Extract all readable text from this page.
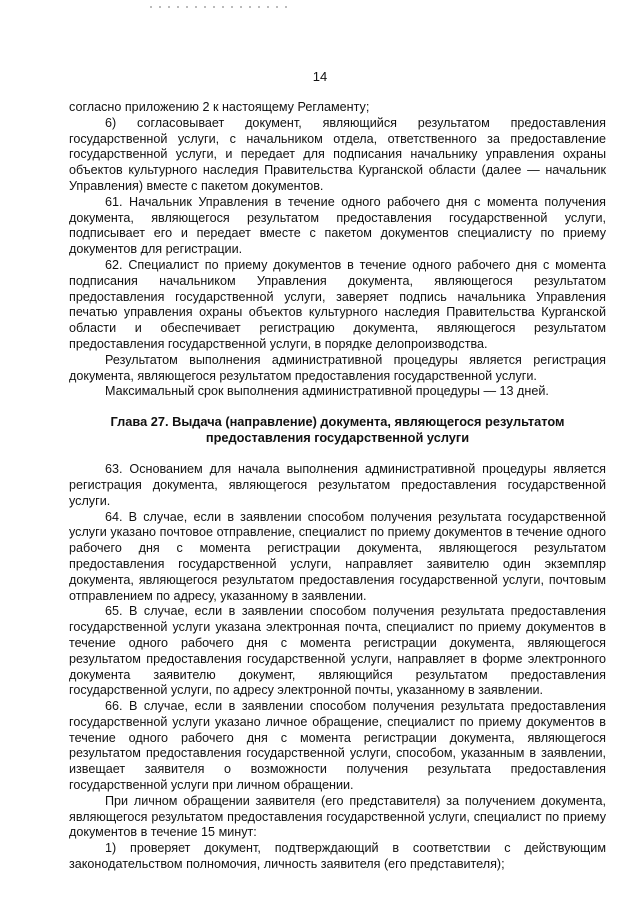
14

согласно приложению 2 к настоящему Регламенту;

6) согласовывает документ, являющийся результатом предоставления государственной услуги, с начальником отдела, ответственного за предоставление государственной услуги, и передает для подписания начальнику управления охраны объектов культурного наследия Правительства Курганской области (далее — начальник Управления) вместе с пакетом документов.

61. Начальник Управления в течение одного рабочего дня с момента получения документа, являющегося результатом предоставления государственной услуги, подписывает его и передает вместе с пакетом документов специалисту по приему документов для регистрации.

62. Специалист по приему документов в течение одного рабочего дня с момента подписания начальником Управления документа, являющегося результатом предоставления государственной услуги, заверяет подпись начальника Управления печатью управления охраны объектов культурного наследия Правительства Курганской области и обеспечивает регистрацию документа, являющегося результатом предоставления государственной услуги, в порядке делопроизводства.

Результатом выполнения административной процедуры является регистрация документа, являющегося результатом предоставления государственной услуги.

Максимальный срок выполнения административной процедуры — 13 дней.

Глава 27. Выдача (направление) документа, являющегося результатом предоставления государственной услуги

63. Основанием для начала выполнения административной процедуры является регистрация документа, являющегося результатом предоставления государственной услуги.

64. В случае, если в заявлении способом получения результата государственной услуги указано почтовое отправление, специалист по приему документов в течение одного рабочего дня с момента регистрации документа, являющегося результатом предоставления государственной услуги, направляет заявителю один экземпляр документа, являющегося результатом предоставления государственной услуги, почтовым отправлением по адресу, указанному в заявлении.

65. В случае, если в заявлении способом получения результата предоставления государственной услуги указана электронная почта, специалист по приему документов в течение одного рабочего дня с момента регистрации документа, являющегося результатом предоставления государственной услуги, направляет в форме электронного документа заявителю документ, являющийся результатом предоставления государственной услуги, по адресу электронной почты, указанному в заявлении.

66. В случае, если в заявлении способом получения результата предоставления государственной услуги указано личное обращение, специалист по приему документов в течение одного рабочего дня с момента регистрации документа, являющегося результатом предоставления государственной услуги, способом, указанным в заявлении, извещает заявителя о возможности получения результата предоставления государственной услуги при личном обращении.

При личном обращении заявителя (его представителя) за получением документа, являющегося результатом предоставления государственной услуги, специалист по приему документов в течение 15 минут:

1) проверяет документ, подтверждающий в соответствии с действующим законодательством полномочия, личность заявителя (его представителя);
